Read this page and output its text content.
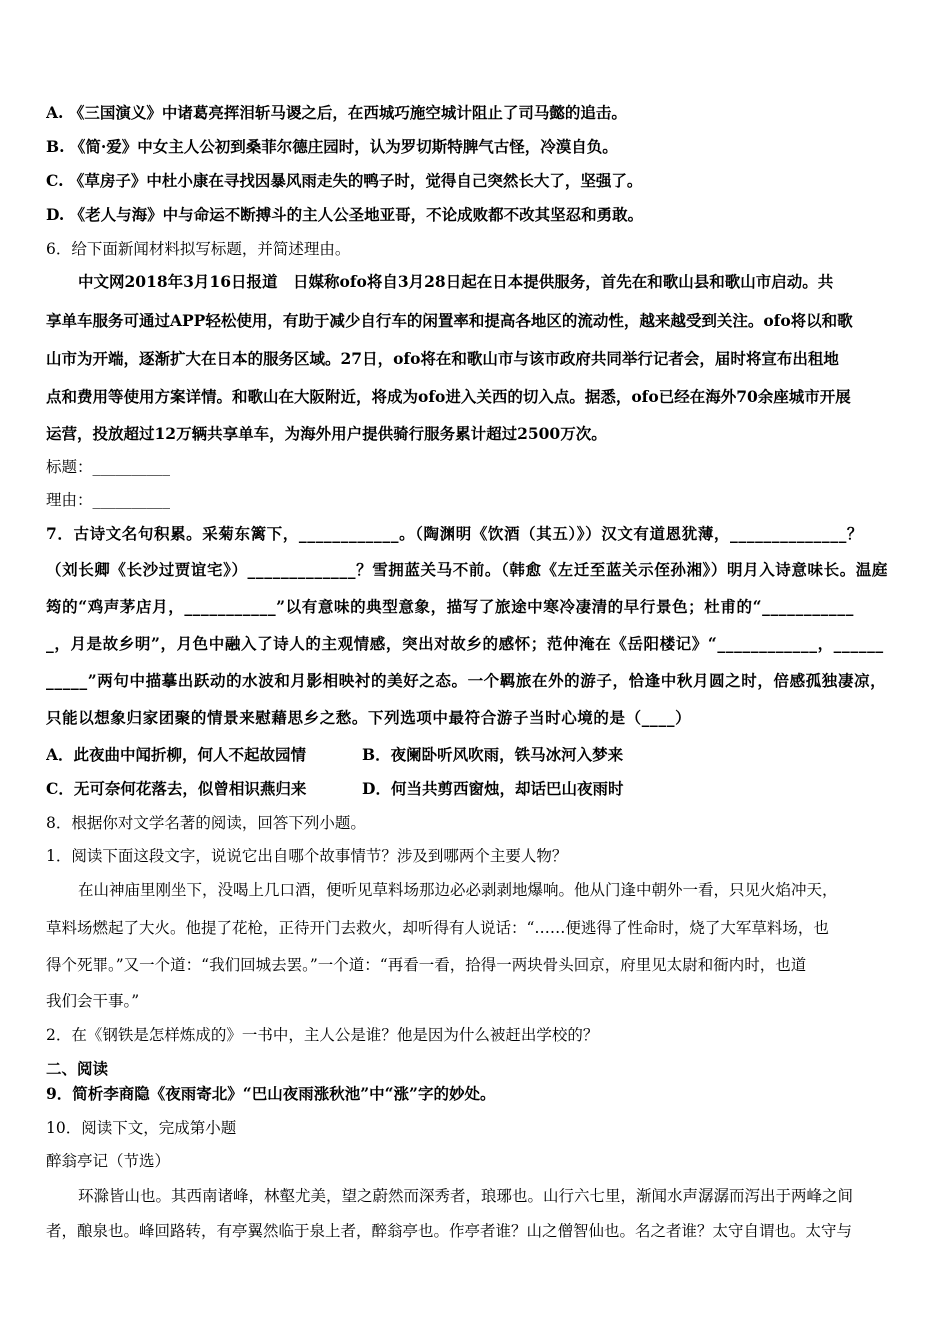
A. 《三国演义》中诸葛亮挥泪斩马谡之后，在西城巧施空城计阻止了司马懿的追击。
B. 《简·爱》中女主人公初到桑菲尔德庄园时，认为罗切斯特脾气古怪，冷漠自负。
C. 《草房子》中杜小康在寻找因暴风雨走失的鸭子时，觉得自己突然长大了，坚强了。
D. 《老人与海》中与命运不断搏斗的主人公圣地亚哥，不论成败都不改其坚忍和勇敢。
6．给下面新闻材料拟写标题，并简述理由。
中文网2018年3月16日报道　日媒称ofo将自3月28日起在日本提供服务，首先在和歌山县和歌山市启动。共
享单车服务可通过APP轻松使用，有助于减少自行车的闲置率和提高各地区的流动性，越来越受到关注。ofo将以和歌
山市为开端，逐渐扩大在日本的服务区域。27日，ofo将在和歌山市与该市政府共同举行记者会，届时将宣布出租地
点和费用等使用方案详情。和歌山在大阪附近，将成为ofo进入关西的切入点。据悉，ofo已经在海外70余座城市开展
运营，投放超过12万辆共享单车，为海外用户提供骑行服务累计超过2500万次。
标题：__________
理由：__________
7．古诗文名句积累。采菊东篱下，____________。（陶渊明《饮酒（其五）》）汉文有道恩犹薄，______________？
（刘长卿《长沙过贾谊宅》）_____________？雪拥蓝关马不前。（韩愈《左迁至蓝关示侄孙湘》）明月入诗意味长。温庭
筠的“鸡声茅店月，___________”以有意味的典型意象，描写了旅途中寒冷凄清的早行景色；杜甫的“___________
_，月是故乡明”，月色中融入了诗人的主观情感，突出对故乡的感怀；范仲淹在《岳阳楼记》“____________，______
_____”两句中描摹出跃动的水波和月影相映衬的美好之态。一个羁旅在外的游子，恰逢中秋月圆之时，倍感孤独凄凉，
只能以想象归家团聚的情景来慰藉思乡之愁。下列选项中最符合游子当时心境的是（____）
A．此夜曲中闻折柳，何人不起故园情	B．夜阑卧听风吹雨，铁马冰河入梦来
C．无可奈何花落去，似曾相识燕归来	D．何当共剪西窗烛，却话巴山夜雨时
8．根据你对文学名著的阅读，回答下列小题。
1．阅读下面这段文字，说说它出自哪个故事情节？涉及到哪两个主要人物？
在山神庙里刚坐下，没喝上几口酒，便听见草料场那边必必剥剥地爆响。他从门逢中朝外一看，只见火焰冲天，
草料场燃起了大火。他提了花枪，正待开门去救火，却听得有人说话：“……便逃得了性命时，烧了大军草料场，也
得个死罪。”又一个道：“我们回城去罢。”一个道：“再看一看，拾得一两块骨头回京，府里见太尉和衙内时，也道
我们会干事。”
2．在《钢铁是怎样炼成的》一书中，主人公是谁？他是因为什么被赶出学校的？
二、阅读
9．简析李商隐《夜雨寄北》“巴山夜雨涨秋池”中“涨”字的妙处。
10．阅读下文，完成第小题
醉翁亭记（节选）
环滁皆山也。其西南诸峰，林壑尤美，望之蔚然而深秀者，琅琊也。山行六七里，渐闻水声潺潺而泻出于两峰之间
者，酿泉也。峰回路转，有亭翼然临于泉上者，醉翁亭也。作亭者谁？山之僧智仙也。名之者谁？太守自谓也。太守与
